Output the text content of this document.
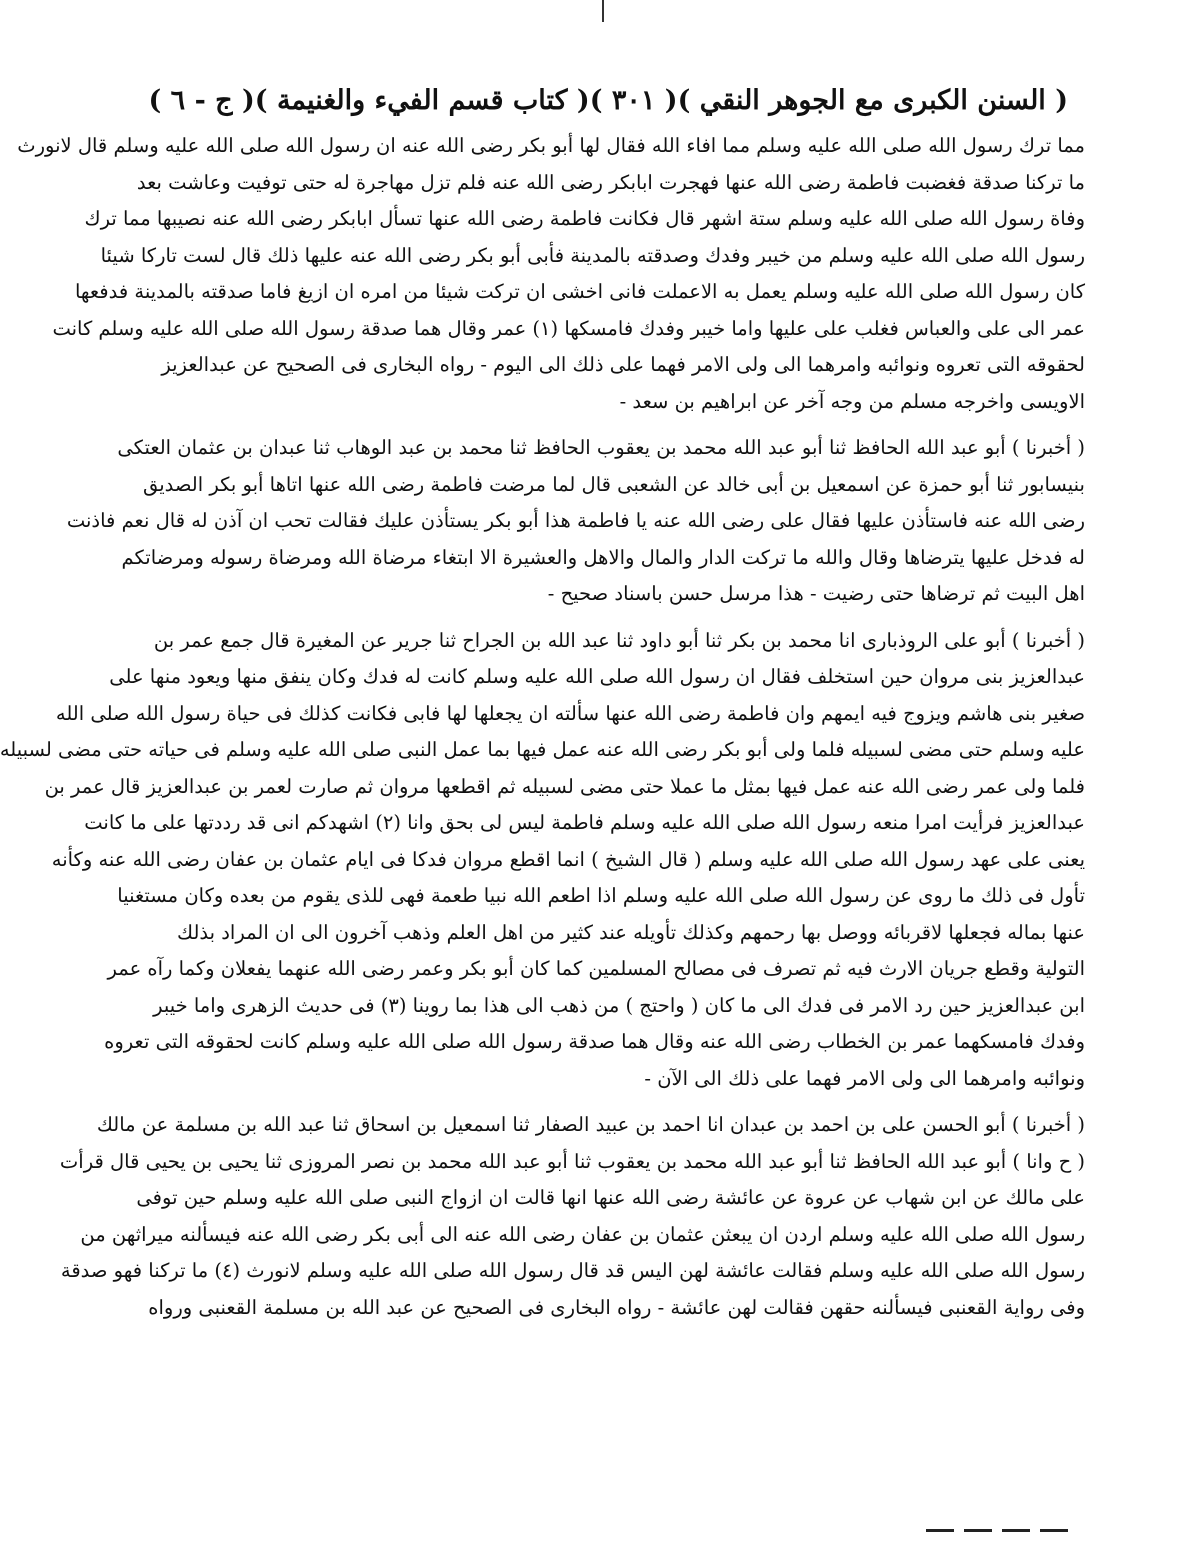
( السنن الكبرى مع الجوهر النقي )
( ٣٠١ )
( كتاب قسم الفيء والغنيمة )
( ج - ٦ )

مما ترك رسول الله صلى الله عليه وسلم مما افاء الله فقال لها أبو بكر رضى الله عنه ان رسول الله صلى الله عليه وسلم قال لانورث
ما تركنا صدقة فغضبت فاطمة رضى الله عنها فهجرت ابابكر رضى الله عنه فلم تزل مهاجرة له حتى توفيت وعاشت بعد
وفاة رسول الله صلى الله عليه وسلم ستة اشهر قال فكانت فاطمة رضى الله عنها تسأل ابابكر رضى الله عنه نصيبها مما ترك
رسول الله صلى الله عليه وسلم من خيبر وفدك وصدقته بالمدينة فأبى أبو بكر رضى الله عنه عليها ذلك قال لست تاركا شيئا
كان رسول الله صلى الله عليه وسلم يعمل به الاعملت فانى اخشى ان تركت شيئا من امره ان ازيغ فاما صدقته بالمدينة فدفعها
عمر الى على والعباس فغلب على عليها واما خيبر وفدك فامسكها (١) عمر وقال هما صدقة رسول الله صلى الله عليه وسلم كانت
لحقوقه التى تعروه ونوائبه وامرهما الى ولى الامر فهما على ذلك الى اليوم - رواه البخارى فى الصحيح عن عبدالعزيز
الاويسى واخرجه مسلم من وجه آخر عن ابراهيم بن سعد -

( أخبرنا ) أبو عبد الله الحافظ ثنا أبو عبد الله محمد بن يعقوب الحافظ ثنا محمد بن عبد الوهاب ثنا عبدان بن عثمان العتكى
بنيسابور ثنا أبو حمزة عن اسمعيل بن أبى خالد عن الشعبى قال لما مرضت فاطمة رضى الله عنها اتاها أبو بكر الصديق
رضى الله عنه فاستأذن عليها فقال على رضى الله عنه يا فاطمة هذا أبو بكر يستأذن عليك فقالت تحب ان آذن له قال نعم فاذنت
له فدخل عليها يترضاها وقال والله ما تركت الدار والمال والاهل والعشيرة الا ابتغاء مرضاة الله ومرضاة رسوله ومرضاتكم
اهل البيت ثم ترضاها حتى رضيت - هذا مرسل حسن باسناد صحيح -

( أخبرنا ) أبو على الروذبارى انا محمد بن بكر ثنا أبو داود ثنا عبد الله بن الجراح ثنا جرير عن المغيرة قال جمع عمر بن
عبدالعزيز بنى مروان حين استخلف فقال ان رسول الله صلى الله عليه وسلم كانت له فدك وكان ينفق منها ويعود منها على
صغير بنى هاشم ويزوج فيه ايمهم وان فاطمة رضى الله عنها سألته ان يجعلها لها فابى فكانت كذلك فى حياة رسول الله صلى الله
عليه وسلم حتى مضى لسبيله فلما ولى أبو بكر رضى الله عنه عمل فيها بما عمل النبى صلى الله عليه وسلم فى حياته حتى مضى لسبيله
فلما ولى عمر رضى الله عنه عمل فيها بمثل ما عملا حتى مضى لسبيله ثم اقطعها مروان ثم صارت لعمر بن عبدالعزيز قال عمر بن
عبدالعزيز فرأيت امرا منعه رسول الله صلى الله عليه وسلم فاطمة ليس لى بحق وانا (٢) اشهدكم انى قد رددتها على ما كانت
يعنى على عهد رسول الله صلى الله عليه وسلم ( قال الشيخ ) انما اقطع مروان فدكا فى ايام عثمان بن عفان رضى الله عنه وكأنه
تأول فى ذلك ما روى عن رسول الله صلى الله عليه وسلم اذا اطعم الله نبيا طعمة فهى للذى يقوم من بعده وكان مستغنيا
عنها بماله فجعلها لاقربائه ووصل بها رحمهم وكذلك تأويله عند كثير من اهل العلم وذهب آخرون الى ان المراد بذلك
التولية وقطع جريان الارث فيه ثم تصرف فى مصالح المسلمين كما كان أبو بكر وعمر رضى الله عنهما يفعلان وكما رآه عمر
ابن عبدالعزيز حين رد الامر فى فدك الى ما كان ( واحتج ) من ذهب الى هذا بما روينا (٣) فى حديث الزهرى واما خيبر
وفدك فامسكهما عمر بن الخطاب رضى الله عنه وقال هما صدقة رسول الله صلى الله عليه وسلم كانت لحقوقه التى تعروه
ونوائبه وامرهما الى ولى الامر فهما على ذلك الى الآن -

( أخبرنا ) أبو الحسن على بن احمد بن عبدان انا احمد بن عبيد الصفار ثنا اسمعيل بن اسحاق ثنا عبد الله بن مسلمة عن مالك
( ح وانا ) أبو عبد الله الحافظ ثنا أبو عبد الله محمد بن يعقوب ثنا أبو عبد الله محمد بن نصر المروزى ثنا يحيى بن يحيى قال قرأت
على مالك عن ابن شهاب عن عروة عن عائشة رضى الله عنها انها قالت ان ازواج النبى صلى الله عليه وسلم حين توفى
رسول الله صلى الله عليه وسلم اردن ان يبعثن عثمان بن عفان رضى الله عنه الى أبى بكر رضى الله عنه فيسألنه ميراثهن من
رسول الله صلى الله عليه وسلم فقالت عائشة لهن اليس قد قال رسول الله صلى الله عليه وسلم لانورث (٤) ما تركنا فهو صدقة
وفى رواية القعنبى فيسألنه حقهن فقالت لهن عائشة - رواه البخارى فى الصحيح عن عبد الله بن مسلمة القعنبى ورواه
